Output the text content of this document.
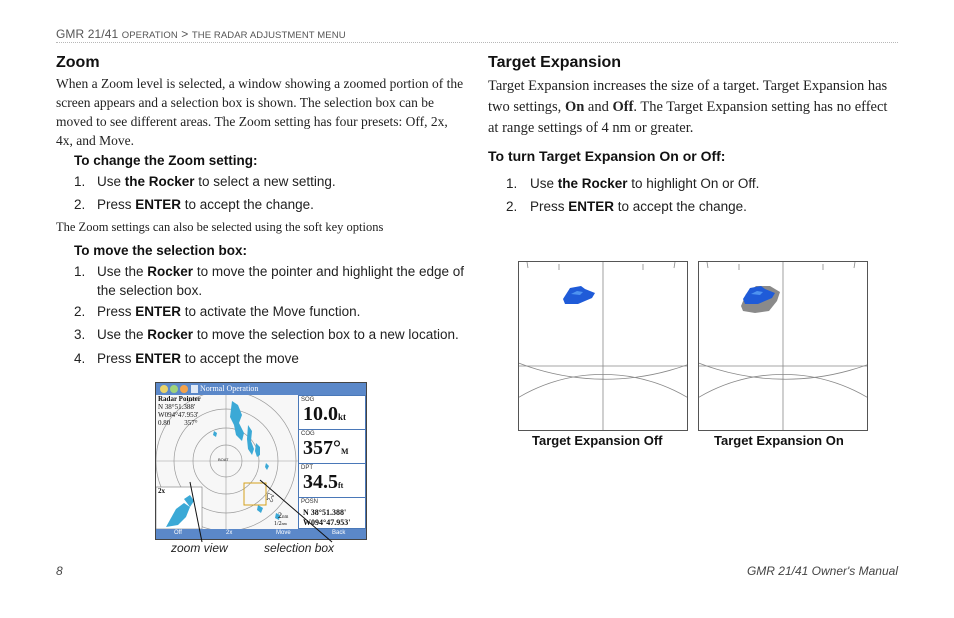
GMR 21/41 OPERATION > THE RADAR ADJUSTMENT MENU
Zoom
When a Zoom level is selected, a window showing a zoomed portion of the screen appears and a selection box is shown. The selection box can be moved to see different areas. The Zoom setting has four presets: Off, 2x, 4x, and Move.
To change the Zoom setting:
1. Use the Rocker to select a new setting.
2. Press ENTER to accept the change.
The Zoom settings can also be selected using the soft key options
To move the selection box:
1. Use the Rocker to move the pointer and highlight the edge of the selection box.
2. Press ENTER to activate the Move function.
3. Use the Rocker to move the selection box to a new location.
4. Press ENTER to accept the move
Normal Operation
BOAT
Radar Pointer
N 38°51.388'
W094°47.953'
0.80 357°
2x
2nm
1/2nm
SOG
10.0kt
COG
357°M
DPT
34.5ft
POSN
N 38°51.388'
W094°47.953'
Off	2x	Move	Back
zoom view	selection box
Target Expansion
Target Expansion increases the size of a target. Target Expansion has two settings, On and Off. The Target Expansion setting has no effect at range settings of 4 nm or greater.
To turn Target Expansion On or Off:
1. Use the Rocker to highlight On or Off.
2. Press ENTER to accept the change.
Target Expansion Off	Target Expansion On
8	GMR 21/41 Owner's Manual
